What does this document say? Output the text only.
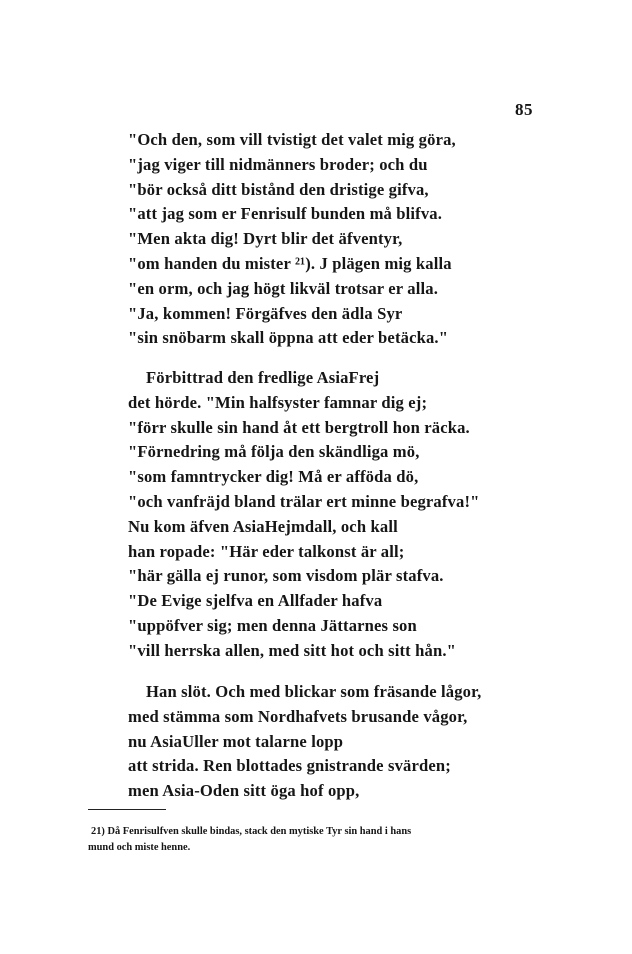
85
"Och den, som vill tvistigt det valet mig göra,
"jag viger till nidmänners broder; och du
"bör också ditt bistånd den dristige gifva,
"att jag som er Fenrisulf bunden må blifva.
"Men akta dig! Dyrt blir det äfventyr,
"om handen du mister ²¹). J plägen mig kalla
"en orm, och jag högt likväl trotsar er alla.
"Ja, kommen! Förgäfves den ädla Syr
"sin snöbarm skall öppna att eder betäcka."
Förbittrad den fredlige AsiaFrej
det hörde. "Min halfsyster famnar dig ej;
"förr skulle sin hand åt ett bergtroll hon räcka.
"Förnedring må följa den skändliga mö,
"som famntrycker dig! Må er afföda dö,
"och vanfräjd bland trälar ert minne begrafva!"
Nu kom äfven AsiaHejmdall, och kall
han ropade: "Här eder talkonst är all;
"här gälla ej runor, som visdom plär stafva.
"De Evige sjelfva en Allfader hafva
"uppöfver sig; men denna Jättarnes son
"vill herrska allen, med sitt hot och sitt hån."
Han slöt. Och med blickar som fräsande lågor,
med stämma som Nordhafvets brusande vågor,
nu AsiaUller mot talarne lopp
att strida. Ren blottades gnistrande svärden;
men Asia-Oden sitt öga hof opp,
21) Då Fenrisulfven skulle bindas, stack den mytiske Tyr sin hand i hans
mund och miste henne.
